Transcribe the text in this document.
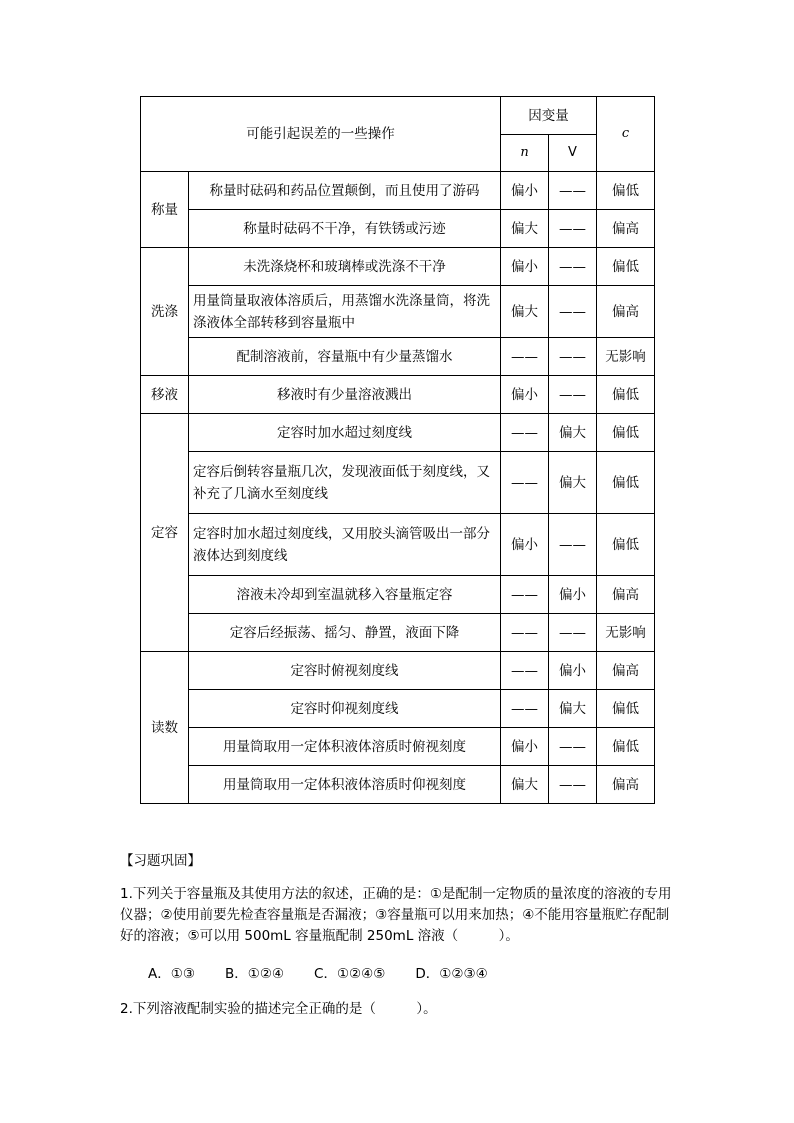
可能引起误差的一些操作		因变量		c
		n	V	
称量	称量时砝码和药品位置颠倒，而且使用了游码	偏小	——	偏低
	称量时砝码不干净，有铁锈或污迹	偏大	——	偏高
洗涤	未洗涤烧杯和玻璃棒或洗涤不干净	偏小	——	偏低
	用量筒量取液体溶质后，用蒸馏水洗涤量筒，将洗涤液体全部转移到容量瓶中	偏大	——	偏高
	配制溶液前，容量瓶中有少量蒸馏水	——	——	无影响
移液	移液时有少量溶液溅出	偏小	——	偏低
定容	定容时加水超过刻度线	——	偏大	偏低
	定容后倒转容量瓶几次，发现液面低于刻度线，又补充了几滴水至刻度线	——	偏大	偏低
	定容时加水超过刻度线，又用胶头滴管吸出一部分液体达到刻度线	偏小	——	偏低
	溶液未冷却到室温就移入容量瓶定容	——	偏小	偏高
	定容后经振荡、摇匀、静置，液面下降	——	——	无影响
读数	定容时俯视刻度线	——	偏小	偏高
	定容时仰视刻度线	——	偏大	偏低
	用量筒取用一定体积液体溶质时俯视刻度	偏小	——	偏低
	用量筒取用一定体积液体溶质时仰视刻度	偏大	——	偏高
【习题巩固】
1.下列关于容量瓶及其使用方法的叙述，正确的是：①是配制一定物质的量浓度的溶液的专用仪器；②使用前要先检查容量瓶是否漏液；③容量瓶可以用来加热；④不能用容量瓶贮存配制好的溶液；⑤可以用 500mL 容量瓶配制 250mL 溶液（　　　）。
A．①③ B．①②④ C．①②④⑤ D．①②③④
2.下列溶液配制实验的描述完全正确的是（　　　）。
